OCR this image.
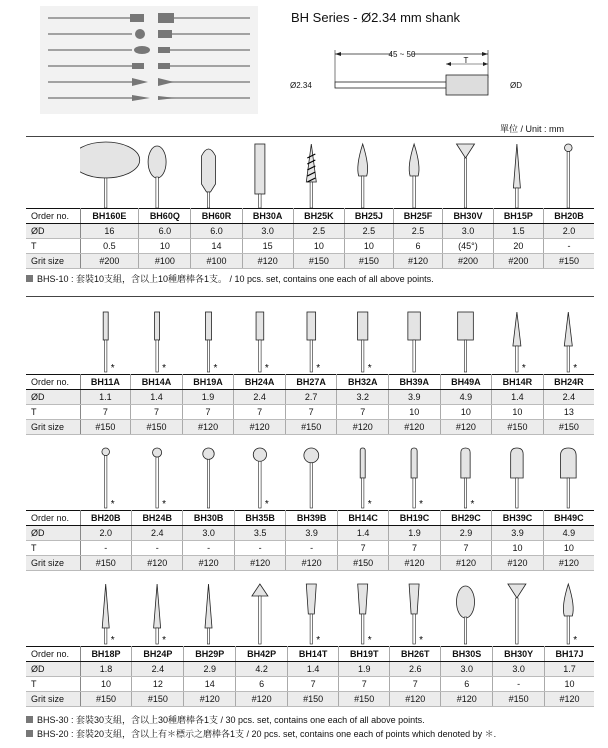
BH Series - Ø2.34 mm shank
45 ~ 50
T
Ø2.34	ØD
單位 / Unit : mm
Order no.	BH160E	BH60Q	BH60R	BH30A	BH25K	BH25J	BH25F	BH30V	BH15P	BH20B
ØD	16	6.0	6.0	3.0	2.5	2.5	2.5	3.0	1.5	2.0
T	0.5	10	14	15	10	10	6	(45°)	20	-
Grit size	#200	#100	#100	#120	#150	#150	#120	#200	#200	#150
BHS-10 : 套裝10支組，含以上10種磨棒各1支。 / 10 pcs. set, contains one each of all above points.
*	*	*	*	*	*	*	*
Order no.	BH11A	BH14A	BH19A	BH24A	BH27A	BH32A	BH39A	BH49A	BH14R	BH24R
ØD	1.1	1.4	1.9	2.4	2.7	3.2	3.9	4.9	1.4	2.4
T	7	7	7	7	7	7	10	10	10	13
Grit size	#150	#150	#120	#120	#150	#120	#120	#120	#150	#150
*	*	*	*	*	*
Order no.	BH20B	BH24B	BH30B	BH35B	BH39B	BH14C	BH19C	BH29C	BH39C	BH49C
ØD	2.0	2.4	3.0	3.5	3.9	1.4	1.9	2.9	3.9	4.9
T	-	-	-	-	-	7	7	7	10	10
Grit size	#150	#120	#120	#120	#120	#150	#120	#120	#120	#120
*	*	*	*	*	*
Order no.	BH18P	BH24P	BH29P	BH42P	BH14T	BH19T	BH26T	BH30S	BH30Y	BH17J
ØD	1.8	2.4	2.9	4.2	1.4	1.9	2.6	3.0	3.0	1.7
T	10	12	14	6	7	7	7	6	-	10
Grit size	#150	#150	#120	#120	#150	#150	#120	#120	#150	#120
BHS-30 : 套裝30支組，含以上30種磨棒各1支 / 30 pcs. set, contains one each of all above points.
BHS-20 : 套裝20支組，含以上有＊標示之磨棒各1支 / 20 pcs. set, contains one each of points which denoted by ＊.
